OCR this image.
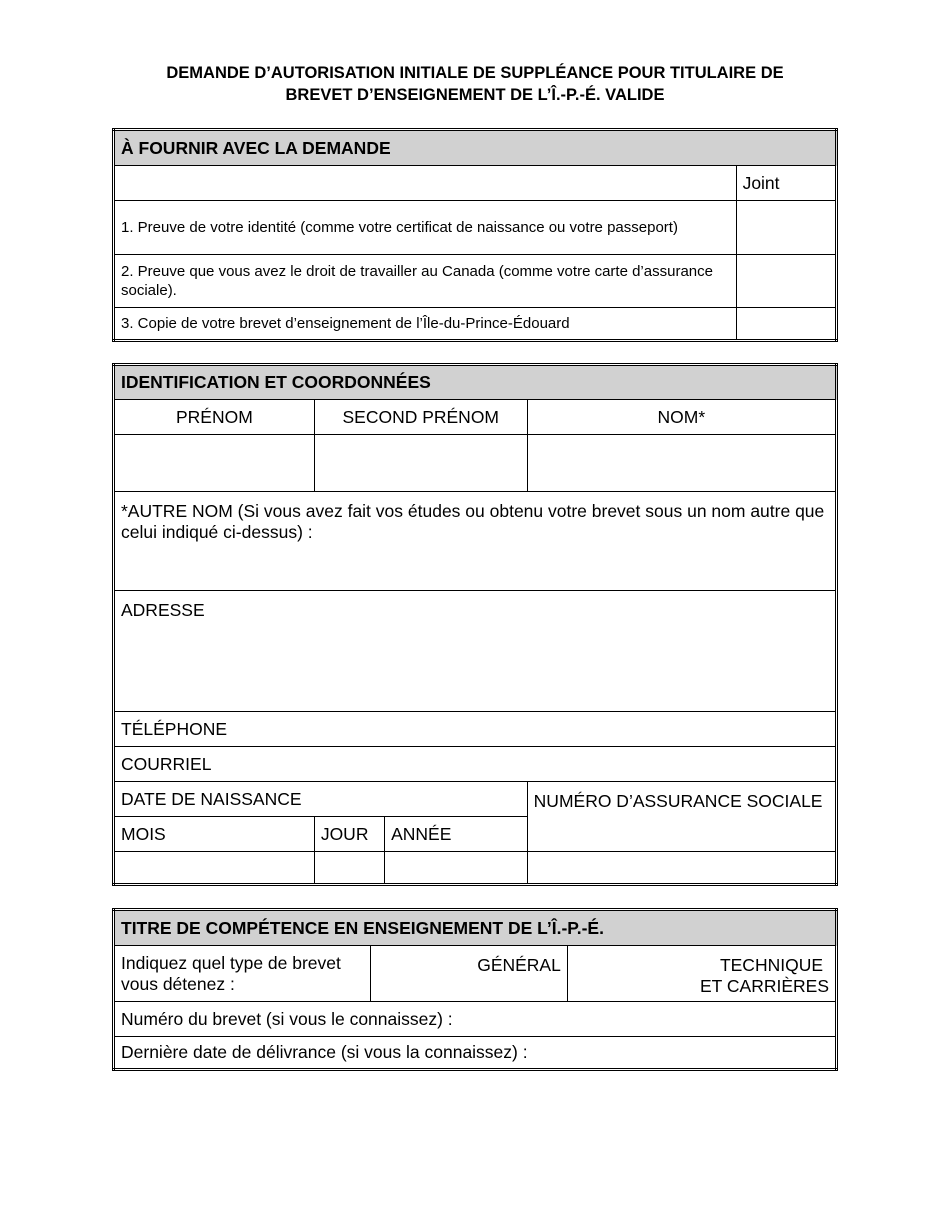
DEMANDE D’AUTORISATION INITIALE DE SUPPLÉANCE POUR TITULAIRE DE
BREVET D’ENSEIGNEMENT DE L’Î.-P.-É. VALIDE
À FOURNIR AVEC LA DEMANDE	
	Joint
1. Preuve de votre identité (comme votre certificat de naissance ou votre passeport)	
2. Preuve que vous avez le droit de travailler au Canada (comme votre carte d’assurance sociale).	
3. Copie de votre brevet d’enseignement de l’Île-du-Prince-Édouard	
IDENTIFICATION ET COORDONNÉES			
PRÉNOM	SECOND PRÉNOM		NOM*

*AUTRE NOM (Si vous avez fait vos études ou obtenu votre brevet sous un nom autre que celui indiqué ci-dessus) :			
ADRESSE			
TÉLÉPHONE			
COURRIEL			
DATE DE NAISSANCE			NUMÉRO D’ASSURANCE SOCIALE
MOIS	JOUR	ANNÉE	

TITRE DE COMPÉTENCE EN ENSEIGNEMENT DE L’Î.-P.-É.
Indiquez quel type de brevet vous détenez :	GÉNÉRAL	TECHNIQUE
ET CARRIÈRES

Numéro du brevet (si vous le connaissez) :
Dernière date de délivrance (si vous la connaissez) :
